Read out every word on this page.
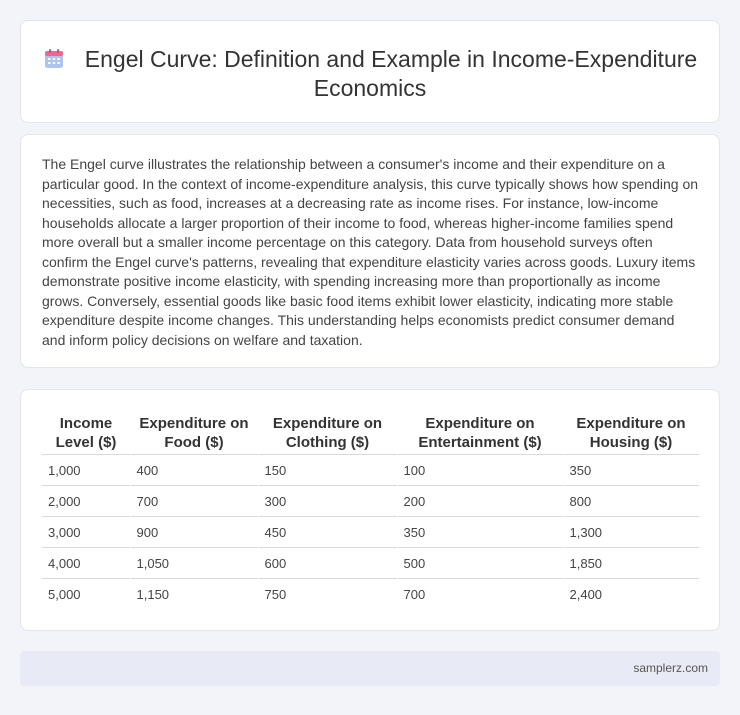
Engel Curve: Definition and Example in Income-Expenditure Economics

The Engel curve illustrates the relationship between a consumer's income and their expenditure on a particular good. In the context of income-expenditure analysis, this curve typically shows how spending on necessities, such as food, increases at a decreasing rate as income rises. For instance, low-income households allocate a larger proportion of their income to food, whereas higher-income families spend more overall but a smaller income percentage on this category. Data from household surveys often confirm the Engel curve's patterns, revealing that expenditure elasticity varies across goods. Luxury items demonstrate positive income elasticity, with spending increasing more than proportionally as income grows. Conversely, essential goods like basic food items exhibit lower elasticity, indicating more stable expenditure despite income changes. This understanding helps economists predict consumer demand and inform policy decisions on welfare and taxation.

Income Level ($)	Expenditure on Food ($)	Expenditure on Clothing ($)	Expenditure on Entertainment ($)	Expenditure on Housing ($)
1,000	400	150	100	350
2,000	700	300	200	800
3,000	900	450	350	1,300
4,000	1,050	600	500	1,850
5,000	1,150	750	700	2,400
samplerz.com
